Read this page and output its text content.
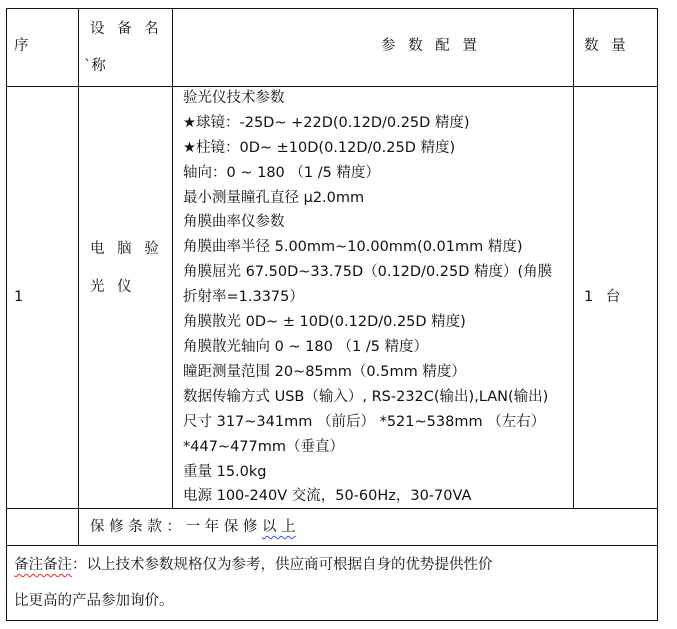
序
设 备 名
`称
参 数 配 置	数 量
1
电 脑 验
光 仪
1 台
验光仪技术参数
★球镜：-25D~ +22D(0.12D/0.25D 精度)
★柱镜：0D~ ±10D(0.12D/0.25D 精度)
轴向：0 ~ 180 （1 /5 精度）
最小测量瞳孔直径 µ2.0mm
角膜曲率仪参数
角膜曲率半径 5.00mm~10.00mm(0.01mm 精度)
角膜屈光 67.50D~33.75D（0.12D/0.25D 精度）(角膜
折射率=1.3375）
角膜散光 0D~ ± 10D(0.12D/0.25D 精度)
角膜散光轴向 0 ~ 180 （1 /5 精度）
瞳距测量范围 20~85mm（0.5mm 精度）
数据传输方式 USB（输入）, RS-232C(输出),LAN(输出)
尺寸 317~341mm （前后） *521~538mm （左右）
*447~477mm（垂直）
重量 15.0kg
电源 100-240V 交流，50-60Hz，30-70VA
保 修 条 款 ： 一 年 保 修 以 上
备注备注：以上技术参数规格仅为参考，供应商可根据自身的优势提供性价
比更高的产品参加询价。
